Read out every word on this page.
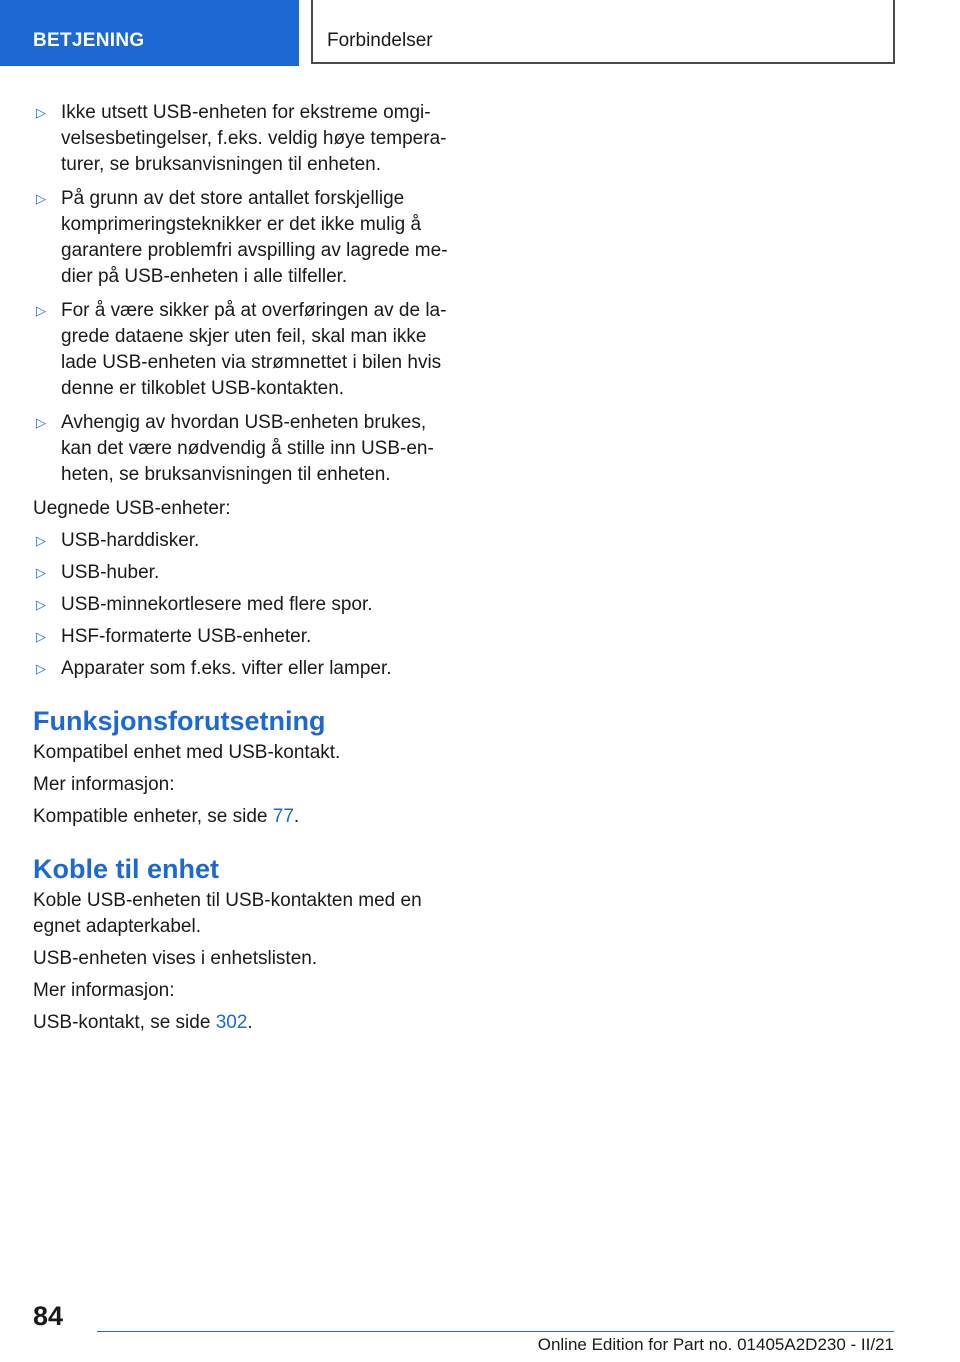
BETJENING	Forbindelser
▷ Ikke utsett USB-enheten for ekstreme omgi-velsesbetingelser, f.eks. veldig høye tempera-turer, se bruksanvisningen til enheten.
▷ På grunn av det store antallet forskjellige komprimeringsteknikker er det ikke mulig å garantere problemfri avspilling av lagrede me-dier på USB-enheten i alle tilfeller.
▷ For å være sikker på at overføringen av de la-grede dataene skjer uten feil, skal man ikke lade USB-enheten via strømnettet i bilen hvis denne er tilkoblet USB-kontakten.
▷ Avhengig av hvordan USB-enheten brukes, kan det være nødvendig å stille inn USB-en-heten, se bruksanvisningen til enheten.

Uegnede USB-enheter:

▷ USB-harddisker.
▷ USB-huber.
▷ USB-minnekortlesere med flere spor.
▷ HSF-formaterte USB-enheter.
▷ Apparater som f.eks. vifter eller lamper.
Funksjonsforutsetning

Kompatibel enhet med USB-kontakt.

Mer informasjon:

Kompatible enheter, se side 77.

Koble til enhet

Koble USB-enheten til USB-kontakten med en egnet adapterkabel.

USB-enheten vises i enhetslisten.

Mer informasjon:

USB-kontakt, se side 302.

84
Online Edition for Part no. 01405A2D230 - II/21
